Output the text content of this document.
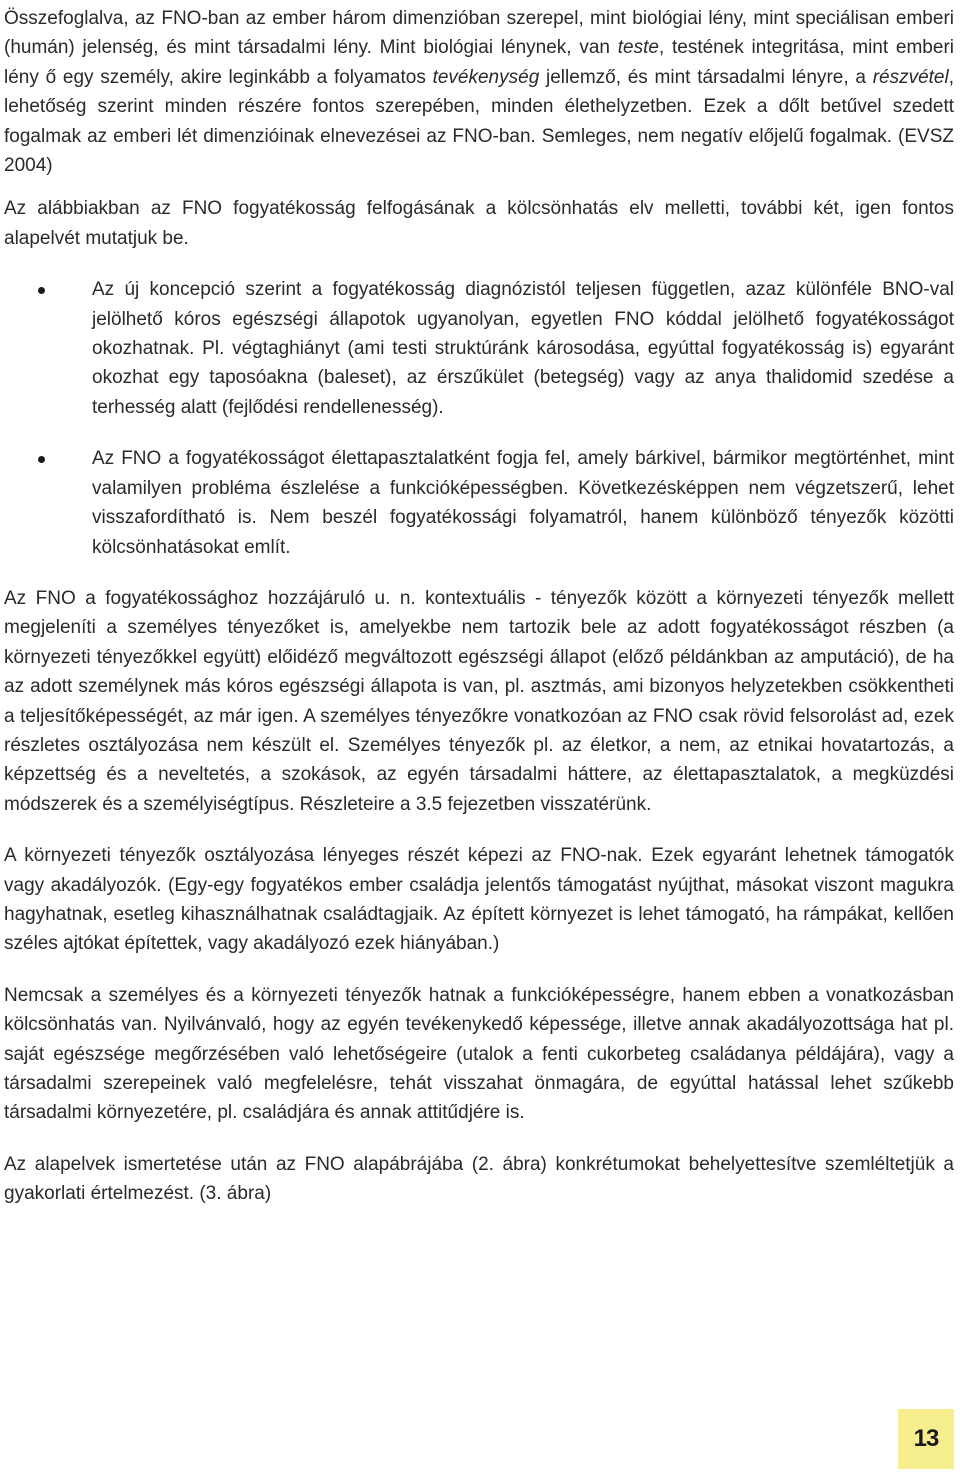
Összefoglalva, az FNO-ban az ember három dimenzióban szerepel, mint biológiai lény, mint speciálisan emberi (humán) jelenség, és mint társadalmi lény. Mint biológiai lénynek, van teste, testének integritása, mint emberi lény ő egy személy, akire leginkább a folyamatos tevékenység jellemző, és mint társadalmi lényre, a részvétel, lehetőség szerint minden részére fontos szerepében, minden élethelyzetben. Ezek a dőlt betűvel szedett fogalmak az emberi lét dimenzióinak elnevezései az FNO-ban. Semleges, nem negatív előjelű fogalmak. (EVSZ 2004)

Az alábbiakban az FNO fogyatékosság felfogásának a kölcsönhatás elv melletti, további két, igen fontos alapelvét mutatjuk be.

Az új koncepció szerint a fogyatékosság diagnózistól teljesen független, azaz különféle BNO-val jelölhető kóros egészségi állapotok ugyanolyan, egyetlen FNO kóddal jelölhető fogyatékosságot okozhatnak. Pl. végtaghiányt (ami testi struktúránk károsodása, egyúttal fogyatékosság is) egyaránt okozhat egy taposóakna (baleset), az érszűkület (betegség) vagy az anya thalidomid szedése a terhesség alatt (fejlődési rendellenesség).
Az FNO a fogyatékosságot élettapasztalatként fogja fel, amely bárkivel, bármikor megtörténhet, mint valamilyen probléma észlelése a funkcióképességben. Következésképpen nem végzetszerű, lehet visszafordítható is. Nem beszél fogyatékossági folyamatról, hanem különböző tényezők közötti kölcsönhatásokat említ.

Az FNO a fogyatékossághoz hozzájáruló u. n. kontextuális - tényezők között a környezeti tényezők mellett megjeleníti a személyes tényezőket is, amelyekbe nem tartozik bele az adott fogyatékosságot részben (a környezeti tényezőkkel együtt) előidéző megváltozott egészségi állapot (előző példánkban az amputáció), de ha az adott személynek más kóros egészségi állapota is van, pl. asztmás, ami bizonyos helyzetekben csökkentheti a teljesítőképességét, az már igen. A személyes tényezőkre vonatkozóan az FNO csak rövid felsorolást ad, ezek részletes osztályozása nem készült el. Személyes tényezők pl. az életkor, a nem, az etnikai hovatartozás, a képzettség és a neveltetés, a szokások, az egyén társadalmi háttere, az élettapasztalatok, a megküzdési módszerek és a személyiségtípus. Részleteire a 3.5 fejezetben visszatérünk.

A környezeti tényezők osztályozása lényeges részét képezi az FNO-nak. Ezek egyaránt lehetnek támogatók vagy akadályozók. (Egy-egy fogyatékos ember családja jelentős támogatást nyújthat, másokat viszont magukra hagyhatnak, esetleg kihasználhatnak családtagjaik. Az épített környezet is lehet támogató, ha rámpákat, kellően széles ajtókat építettek, vagy akadályozó ezek hiányában.)

Nemcsak a személyes és a környezeti tényezők hatnak a funkcióképességre, hanem ebben a vonatkozásban kölcsönhatás van. Nyilvánvaló, hogy az egyén tevékenykedő képessége, illetve annak akadályozottsága hat pl. saját egészsége megőrzésében való lehetőségeire (utalok a fenti cukorbeteg családanya példájára), vagy a társadalmi szerepeinek való megfelelésre, tehát visszahat önmagára, de egyúttal hatással lehet szűkebb társadalmi környezetére, pl. családjára és annak attitűdjére is.

Az alapelvek ismertetése után az FNO alapábrájába (2. ábra) konkrétumokat behelyettesítve szemléltetjük a gyakorlati értelmezést. (3. ábra)

13
